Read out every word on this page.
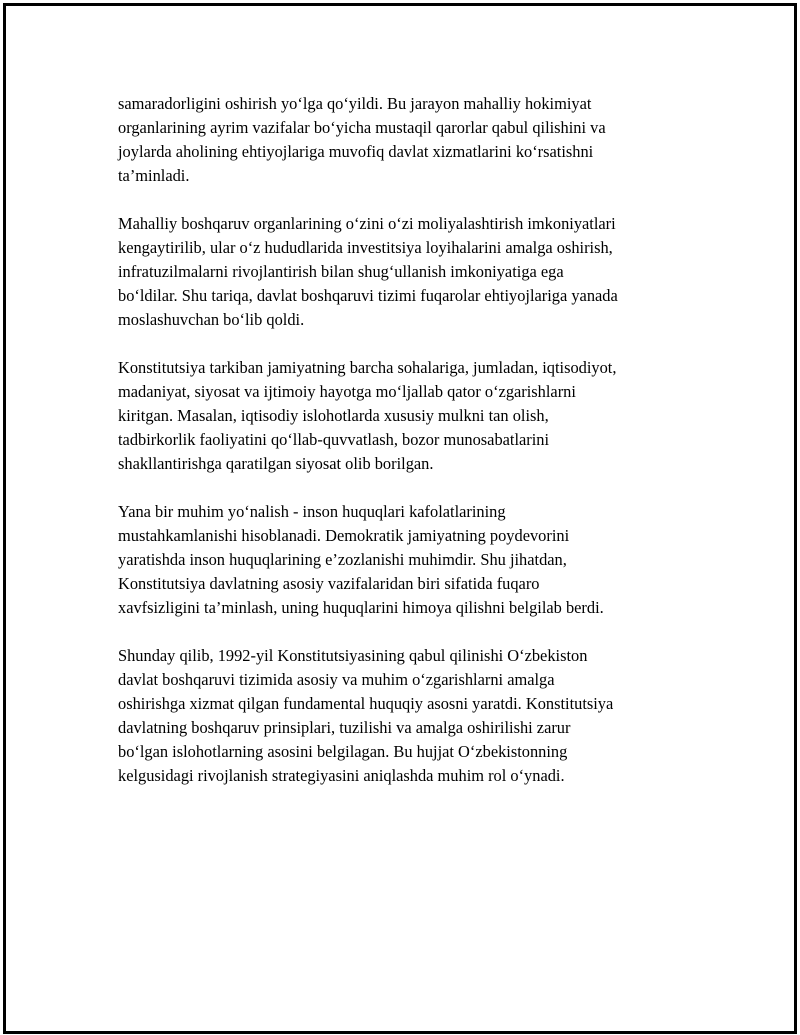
samaradorligini oshirish yo‘lga qo‘yildi. Bu jarayon mahalliy hokimiyat
organlarining ayrim vazifalar bo‘yicha mustaqil qarorlar qabul qilishini va
joylarda aholining ehtiyojlariga muvofiq davlat xizmatlarini ko‘rsatishni
ta’minladi.

Mahalliy boshqaruv organlarining o‘zini o‘zi moliyalashtirish imkoniyatlari
kengaytirilib, ular o‘z hududlarida investitsiya loyihalarini amalga oshirish,
infratuzilmalarni rivojlantirish bilan shug‘ullanish imkoniyatiga ega
bo‘ldilar. Shu tariqa, davlat boshqaruvi tizimi fuqarolar ehtiyojlariga yanada
moslashuvchan bo‘lib qoldi.

Konstitutsiya tarkiban jamiyatning barcha sohalariga, jumladan, iqtisodiyot,
madaniyat, siyosat va ijtimoiy hayotga mo‘ljallab qator o‘zgarishlarni
kiritgan. Masalan, iqtisodiy islohotlarda xususiy mulkni tan olish,
tadbirkorlik faoliyatini qo‘llab-quvvatlash, bozor munosabatlarini
shakllantirishga qaratilgan siyosat olib borilgan.

Yana bir muhim yo‘nalish - inson huquqlari kafolatlarining
mustahkamlanishi hisoblanadi. Demokratik jamiyatning poydevorini
yaratishda inson huquqlarining e’zozlanishi muhimdir. Shu jihatdan,
Konstitutsiya davlatning asosiy vazifalaridan biri sifatida fuqaro
xavfsizligini ta’minlash, uning huquqlarini himoya qilishni belgilab berdi.

Shunday qilib, 1992-yil Konstitutsiyasining qabul qilinishi O‘zbekiston
davlat boshqaruvi tizimida asosiy va muhim o‘zgarishlarni amalga
oshirishga xizmat qilgan fundamental huquqiy asosni yaratdi. Konstitutsiya
davlatning boshqaruv prinsiplari, tuzilishi va amalga oshirilishi zarur
bo‘lgan islohotlarning asosini belgilagan. Bu hujjat O‘zbekistonning
kelgusidagi rivojlanish strategiyasini aniqlashda muhim rol o‘ynadi.
